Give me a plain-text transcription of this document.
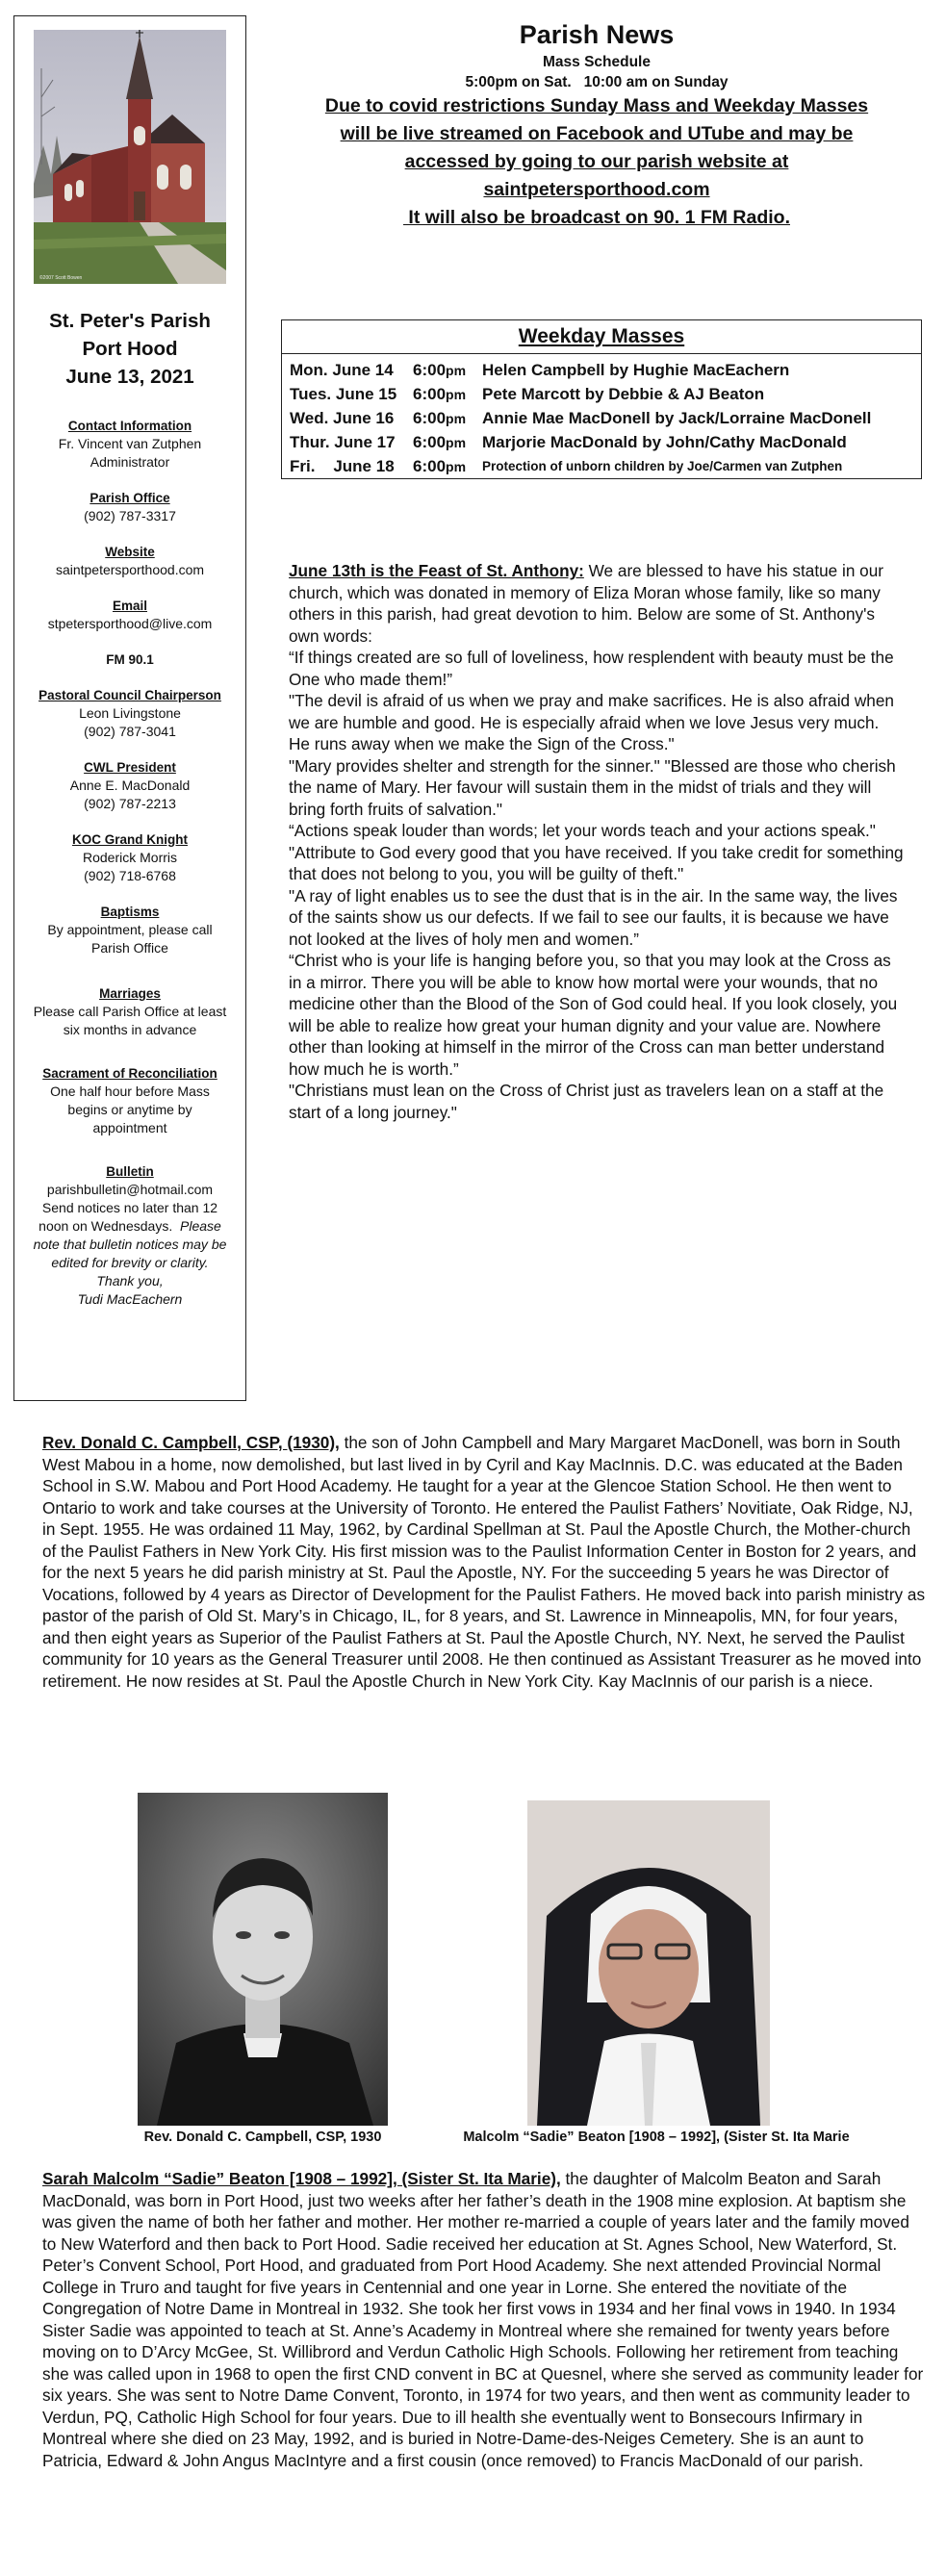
©2007 Scott Bowen
St. Peter's Parish
Port Hood
June 13, 2021
Contact Information
Fr. Vincent van Zutphen
Administrator
Parish Office
(902) 787-3317
Website
saintpetersporthood.com
Email
stpetersporthood@live.com
FM 90.1
Pastoral Council Chairperson
Leon Livingstone
(902) 787-3041
CWL President
Anne E. MacDonald
(902) 787-2213
KOC Grand Knight
Roderick Morris
(902) 718-6768
Baptisms
By appointment, please call
Parish Office
Marriages
Please call Parish Office at least
six months in advance
Sacrament of Reconciliation
One half hour before Mass
begins or anytime by
appointment
Bulletin
parishbulletin@hotmail.com
Send notices no later than 12
noon on Wednesdays. Please
note that bulletin notices may be
edited for brevity or clarity.
Thank you,
Tudi MacEachern
Parish News
Mass Schedule
5:00pm on Sat.   10:00 am on Sunday
Due to covid restrictions Sunday Mass and Weekday Masses
will be live streamed on Facebook and UTube and may be
accessed by going to our parish website at
saintpetersporthood.com
It will also be broadcast on 90. 1 FM Radio.
Weekday Masses
Mon. June 14 6:00pm Helen Campbell by Hughie MacEachern
Tues. June 15 6:00pm Pete Marcott by Debbie & AJ Beaton
Wed. June 16 6:00pm Annie Mae MacDonell by Jack/Lorraine MacDonell
Thur. June 17 6:00pm Marjorie MacDonald by John/Cathy MacDonald
Fri.    June 18 6:00pm Protection of unborn children by Joe/Carmen van Zutphen

June 13th is the Feast of St. Anthony: We are blessed to have his statue in our church, which was donated in memory of Eliza Moran whose family, like so many others in this parish, had great devotion to him. Below are some of St. Anthony's own words:

“If things created are so full of loveliness, how resplendent with beauty must be the One who made them!”

"The devil is afraid of us when we pray and make sacrifices. He is also afraid when we are humble and good. He is especially afraid when we love Jesus very much. He runs away when we make the Sign of the Cross."

"Mary provides shelter and strength for the sinner." "Blessed are those who cherish the name of Mary. Her favour will sustain them in the midst of trials and they will bring forth fruits of salvation."

“Actions speak louder than words; let your words teach and your actions speak."

"Attribute to God every good that you have received. If you take credit for something that does not belong to you, you will be guilty of theft."

"A ray of light enables us to see the dust that is in the air. In the same way, the lives of the saints show us our defects. If we fail to see our faults, it is because we have not looked at the lives of holy men and women.”

“Christ who is your life is hanging before you, so that you may look at the Cross as in a mirror. There you will be able to know how mortal were your wounds, that no medicine other than the Blood of the Son of God could heal. If you look closely, you will be able to realize how great your human dignity and your value are. Nowhere other than looking at himself in the mirror of the Cross can man better understand how much he is worth.”

"Christians must lean on the Cross of Christ just as travelers lean on a staff at the start of a long journey."

Rev. Donald C. Campbell, CSP, (1930), the son of John Campbell and Mary Margaret MacDonell, was born in South West Mabou in a home, now demolished, but last lived in by Cyril and Kay MacInnis. D.C. was educated at the Baden School in S.W. Mabou and Port Hood Academy. He taught for a year at the Glencoe Station School. He then went to Ontario to work and take courses at the University of Toronto. He entered the Paulist Fathers’ Novitiate, Oak Ridge, NJ, in Sept. 1955. He was ordained 11 May, 1962, by Cardinal Spellman at St. Paul the Apostle Church, the Mother-church of the Paulist Fathers in New York City. His first mission was to the Paulist Information Center in Boston for 2 years, and for the next 5 years he did parish ministry at St. Paul the Apostle, NY. For the succeeding 5 years he was Director of Vocations, followed by 4 years as Director of Development for the Paulist Fathers. He moved back into parish ministry as pastor of the parish of Old St. Mary’s in Chicago, IL, for 8 years, and St. Lawrence in Minneapolis, MN, for four years, and then eight years as Superior of the Paulist Fathers at St. Paul the Apostle Church, NY. Next, he served the Paulist community for 10 years as the General Treasurer until 2008. He then continued as Assistant Treasurer as he moved into retirement. He now resides at St. Paul the Apostle Church in New York City. Kay MacInnis of our parish is a niece.

Rev. Donald C. Campbell, CSP, 1930	Malcolm “Sadie” Beaton [1908 – 1992], (Sister St. Ita Marie

Sarah Malcolm “Sadie” Beaton [1908 – 1992], (Sister St. Ita Marie), the daughter of Malcolm Beaton and Sarah MacDonald, was born in Port Hood, just two weeks after her father’s death in the 1908 mine explosion. At baptism she was given the name of both her father and mother. Her mother re-married a couple of years later and the family moved to New Waterford and then back to Port Hood. Sadie received her education at St. Agnes School, New Waterford, St. Peter’s Convent School, Port Hood, and graduated from Port Hood Academy. She next attended Provincial Normal College in Truro and taught for five years in Centennial and one year in Lorne. She entered the novitiate of the Congregation of Notre Dame in Montreal in 1932. She took her first vows in 1934 and her final vows in 1940. In 1934 Sister Sadie was appointed to teach at St. Anne’s Academy in Montreal where she remained for twenty years before moving on to D’Arcy McGee, St. Willibrord and Verdun Catholic High Schools. Following her retirement from teaching she was called upon in 1968 to open the first CND convent in BC at Quesnel, where she served as community leader for six years. She was sent to Notre Dame Convent, Toronto, in 1974 for two years, and then went as community leader to Verdun, PQ, Catholic High School for four years. Due to ill health she eventually went to Bonsecours Infirmary in Montreal where she died on 23 May, 1992, and is buried in Notre-Dame-des-Neiges Cemetery. She is an aunt to Patricia, Edward & John Angus MacIntyre and a first cousin (once removed) to Francis MacDonald of our parish.
